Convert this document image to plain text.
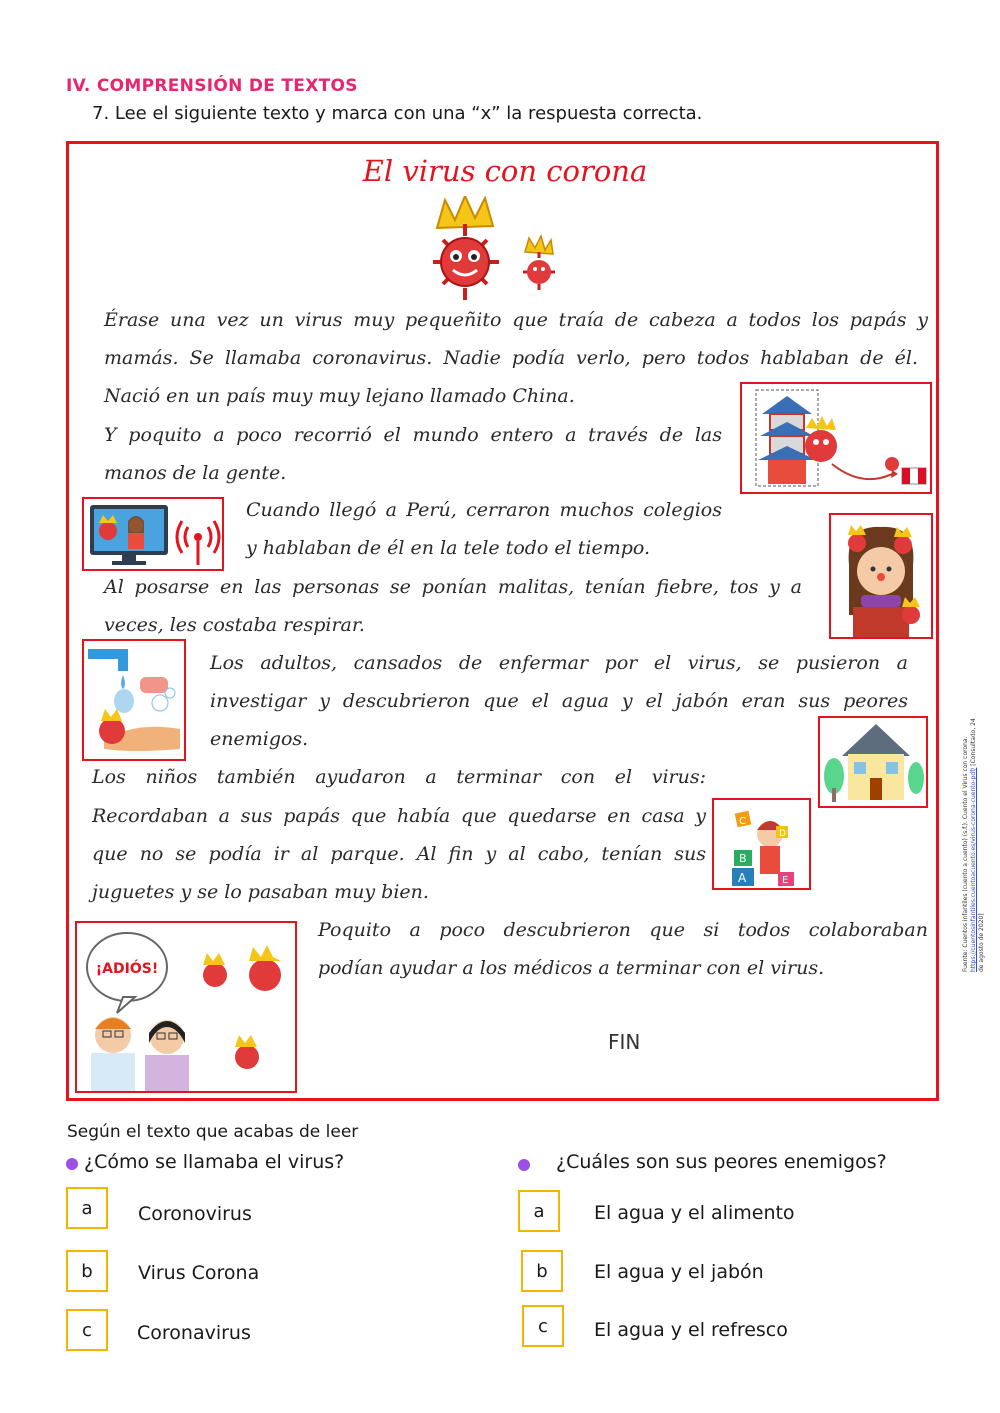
IV. COMPRENSIÓN DE TEXTOS
7. Lee el siguiente texto y marca con una “x” la respuesta correcta.
El virus con corona
Érase una vez un virus muy pequeñito que traía de cabeza a todos los papás y
mamás. Se llamaba coronavirus. Nadie podía verlo, pero todos hablaban de él.
Nació en un país muy muy lejano llamado China.
Y poquito a poco recorrió el mundo entero a través de las
manos de la gente.
Cuando llegó a Perú, cerraron muchos colegios
y hablaban de él en la tele todo el tiempo.
Al posarse en las personas se ponían malitas, tenían fiebre, tos y a
veces, les costaba respirar.
Los adultos, cansados de enfermar por el virus, se pusieron a
investigar y descubrieron que el agua y el jabón eran sus peores
enemigos.
Los niños también ayudaron a terminar con el virus:
Recordaban a sus papás que había que quedarse en casa y
que no se podía ir al parque. Al fin y al cabo, tenían sus
juguetes y se lo pasaban muy bien.
Poquito a poco descubrieron que si todos colaboraban
podían ayudar a los médicos a terminar con el virus.
C
B
A
D
E
¡ADIÓS!
FIN
Fuente: Cuentos infantiles (cuento a cuento) (s.f.). Cuento el Virus con corona. https://cuentosinfantiles.cuentoacuento.es/virus-corona-cuento-pdf/ [Consultado, 24 de agosto de 2020]
Según el texto que acabas de leer
¿Cómo se llamaba el virus?	¿Cuáles son sus peores enemigos?
a	Coronovirus
b	Virus Corona
c	Coronavirus
a	El agua y el alimento
b	El agua y el jabón
c	El agua y el refresco
